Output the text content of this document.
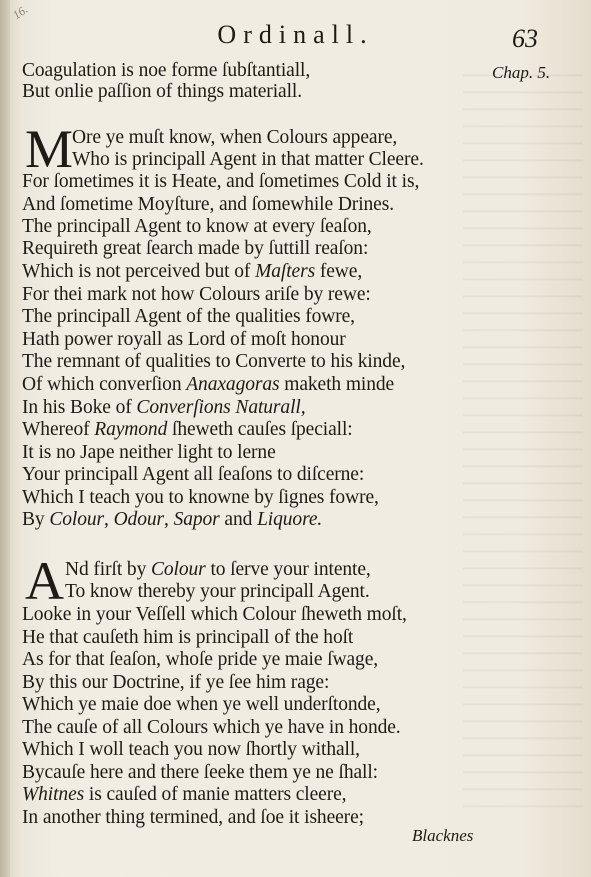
16.
Ordinall.	63
Chap. 5.
Coagulation is noe forme ſubſtantiall,
But onlie paſſion of things materiall.
M
Ore ye muſt know, when Colours appeare,
Who is principall Agent in that matter Cleere.
For ſometimes it is Heate, and ſometimes Cold it is,
And ſometime Moyſture, and ſomewhile Drines.
The principall Agent to know at every ſeaſon,
Requireth great ſearch made by ſuttill reaſon:
Which is not perceived but of Maſters fewe,
For thei mark not how Colours ariſe by rewe:
The principall Agent of the qualities fowre,
Hath power royall as Lord of moſt honour
The remnant of qualities to Converte to his kinde,
Of which converſion Anaxagoras maketh minde
In his Boke of Converſions Naturall,
Whereof Raymond ſheweth cauſes ſpeciall:
It is no Jape neither light to lerne
Your principall Agent all ſeaſons to diſcerne:
Which I teach you to knowne by ſignes fowre,
By Colour, Odour, Sapor and Liquore.
A Nd firſt by Colour to ſerve your intente,
To know thereby your principall Agent.
Looke in your Veſſell which Colour ſheweth moſt,
He that cauſeth him is principall of the hoſt
As for that ſeaſon, whoſe pride ye maie ſwage,
By this our Doctrine, if ye ſee him rage:
Which ye maie doe when ye well underſtonde,
The cauſe of all Colours which ye have in honde.
Which I woll teach you now ſhortly withall,
Bycauſe here and there ſeeke them ye ne ſhall:
Whitnes is cauſed of manie matters cleere,
In another thing termined, and ſoe it isheere;
Blacknes
